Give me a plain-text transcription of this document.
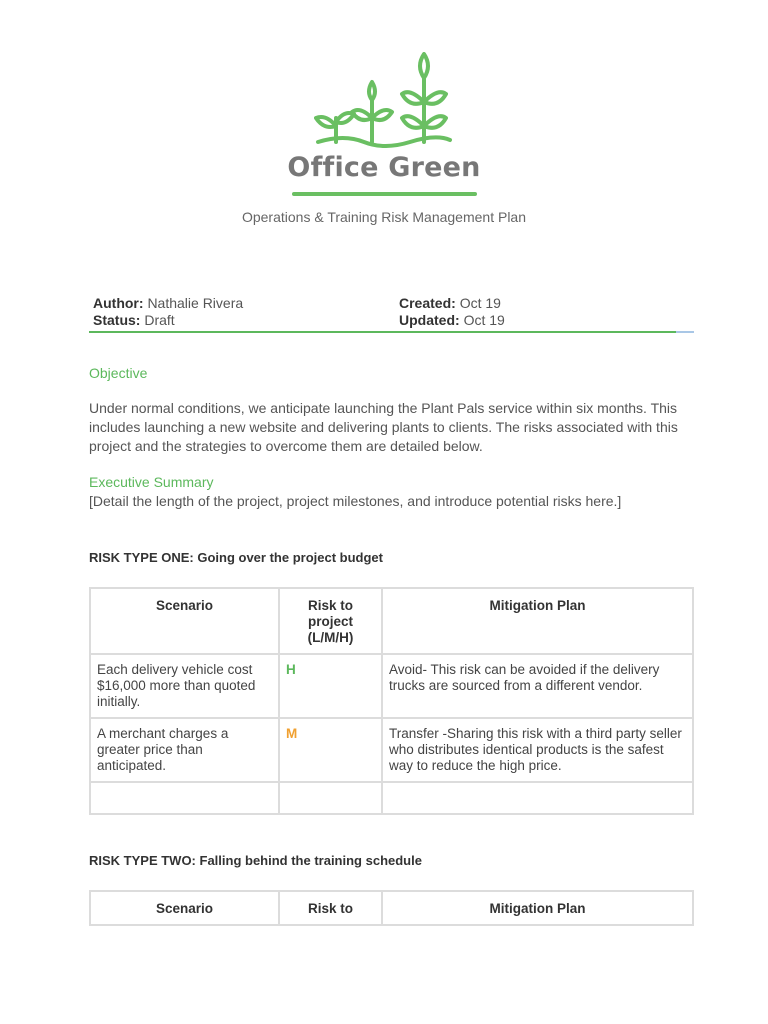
Office Green
Operations & Training Risk Management Plan
Author: Nathalie Rivera
Status: Draft
Created: Oct 19
Updated: Oct 19
Objective
Under normal conditions, we anticipate launching the Plant Pals service within six months. This includes launching a new website and delivering plants to clients. The risks associated with this project and the strategies to overcome them are detailed below.
Executive Summary
[Detail the length of the project, project milestones, and introduce potential risks here.]
RISK TYPE ONE: Going over the project budget
Scenario	Risk to project (L/M/H)	Mitigation Plan
Each delivery vehicle cost $16,000 more than quoted initially.	H	Avoid- This risk can be avoided if the delivery trucks are sourced from a different vendor.
A merchant charges a greater price than anticipated.	M	Transfer -Sharing this risk with a third party seller who distributes identical products is the safest way to reduce the high price.

RISK TYPE TWO: Falling behind the training schedule
Scenario	Risk to	Mitigation Plan
